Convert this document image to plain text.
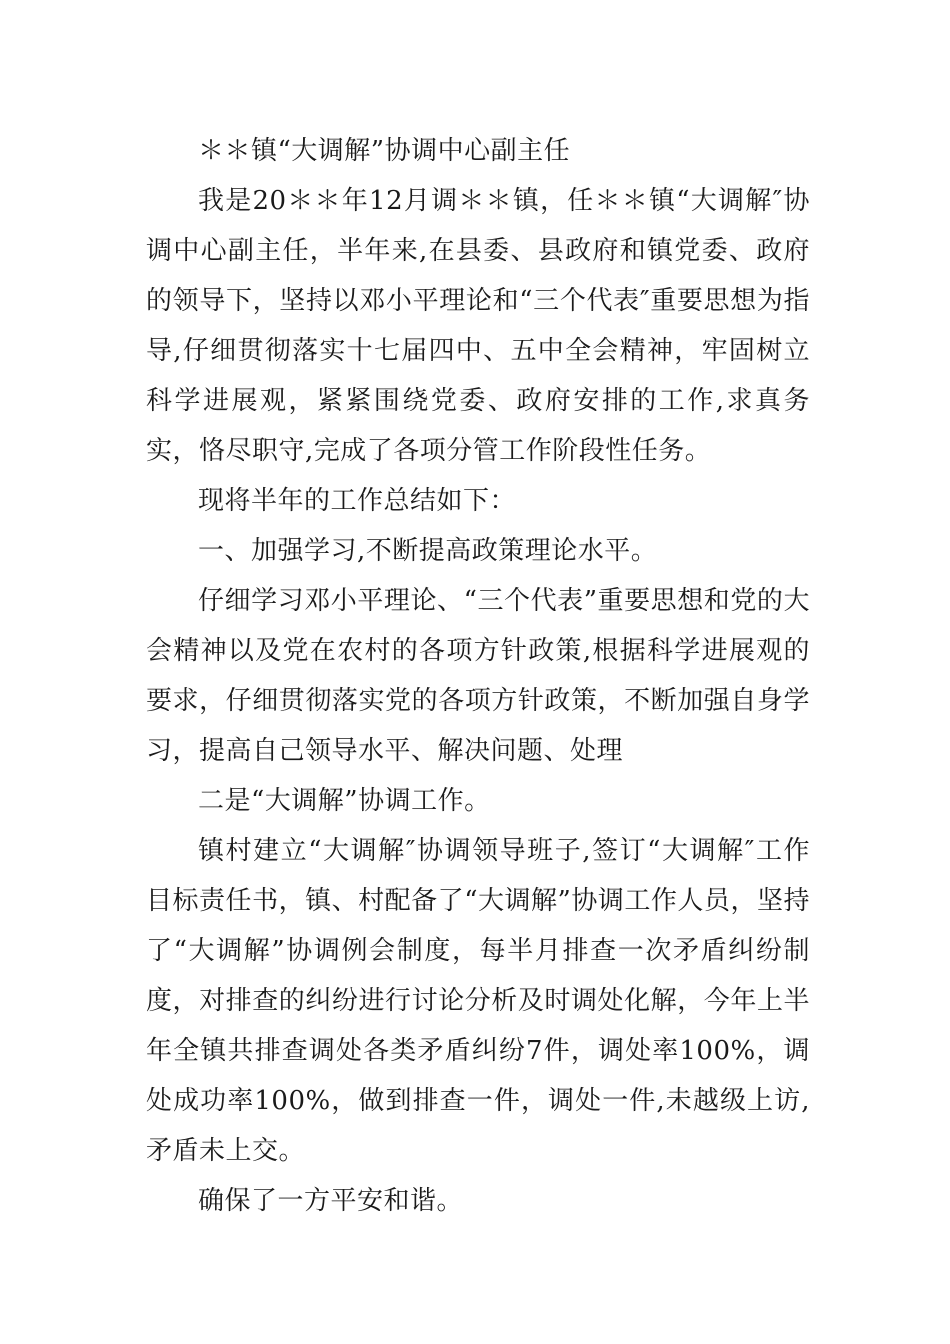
＊＊镇“大调解”协调中心副主任

我是20＊＊年12月调＊＊镇，任＊＊镇“大调解″协调中心副主任，半年来,在县委、县政府和镇党委、政府的领导下，坚持以邓小平理论和“三个代表″重要思想为指导,仔细贯彻落实十七届四中、五中全会精神，牢固树立科学进展观，紧紧围绕党委、政府安排的工作,求真务实，恪尽职守,完成了各项分管工作阶段性任务。

现将半年的工作总结如下：

一、加强学习,不断提高政策理论水平。

仔细学习邓小平理论、“三个代表”重要思想和党的大会精神以及党在农村的各项方针政策,根据科学进展观的要求，仔细贯彻落实党的各项方针政策，不断加强自身学习，提高自己领导水平、解决问题、处理

二是“大调解”协调工作。

镇村建立“大调解″协调领导班子,签订“大调解″工作目标责任书，镇、村配备了“大调解”协调工作人员，坚持了“大调解”协调例会制度，每半月排查一次矛盾纠纷制度，对排查的纠纷进行讨论分析及时调处化解，今年上半年全镇共排查调处各类矛盾纠纷7件，调处率100%，调处成功率100%，做到排查一件，调处一件,未越级上访,矛盾未上交。

确保了一方平安和谐。
